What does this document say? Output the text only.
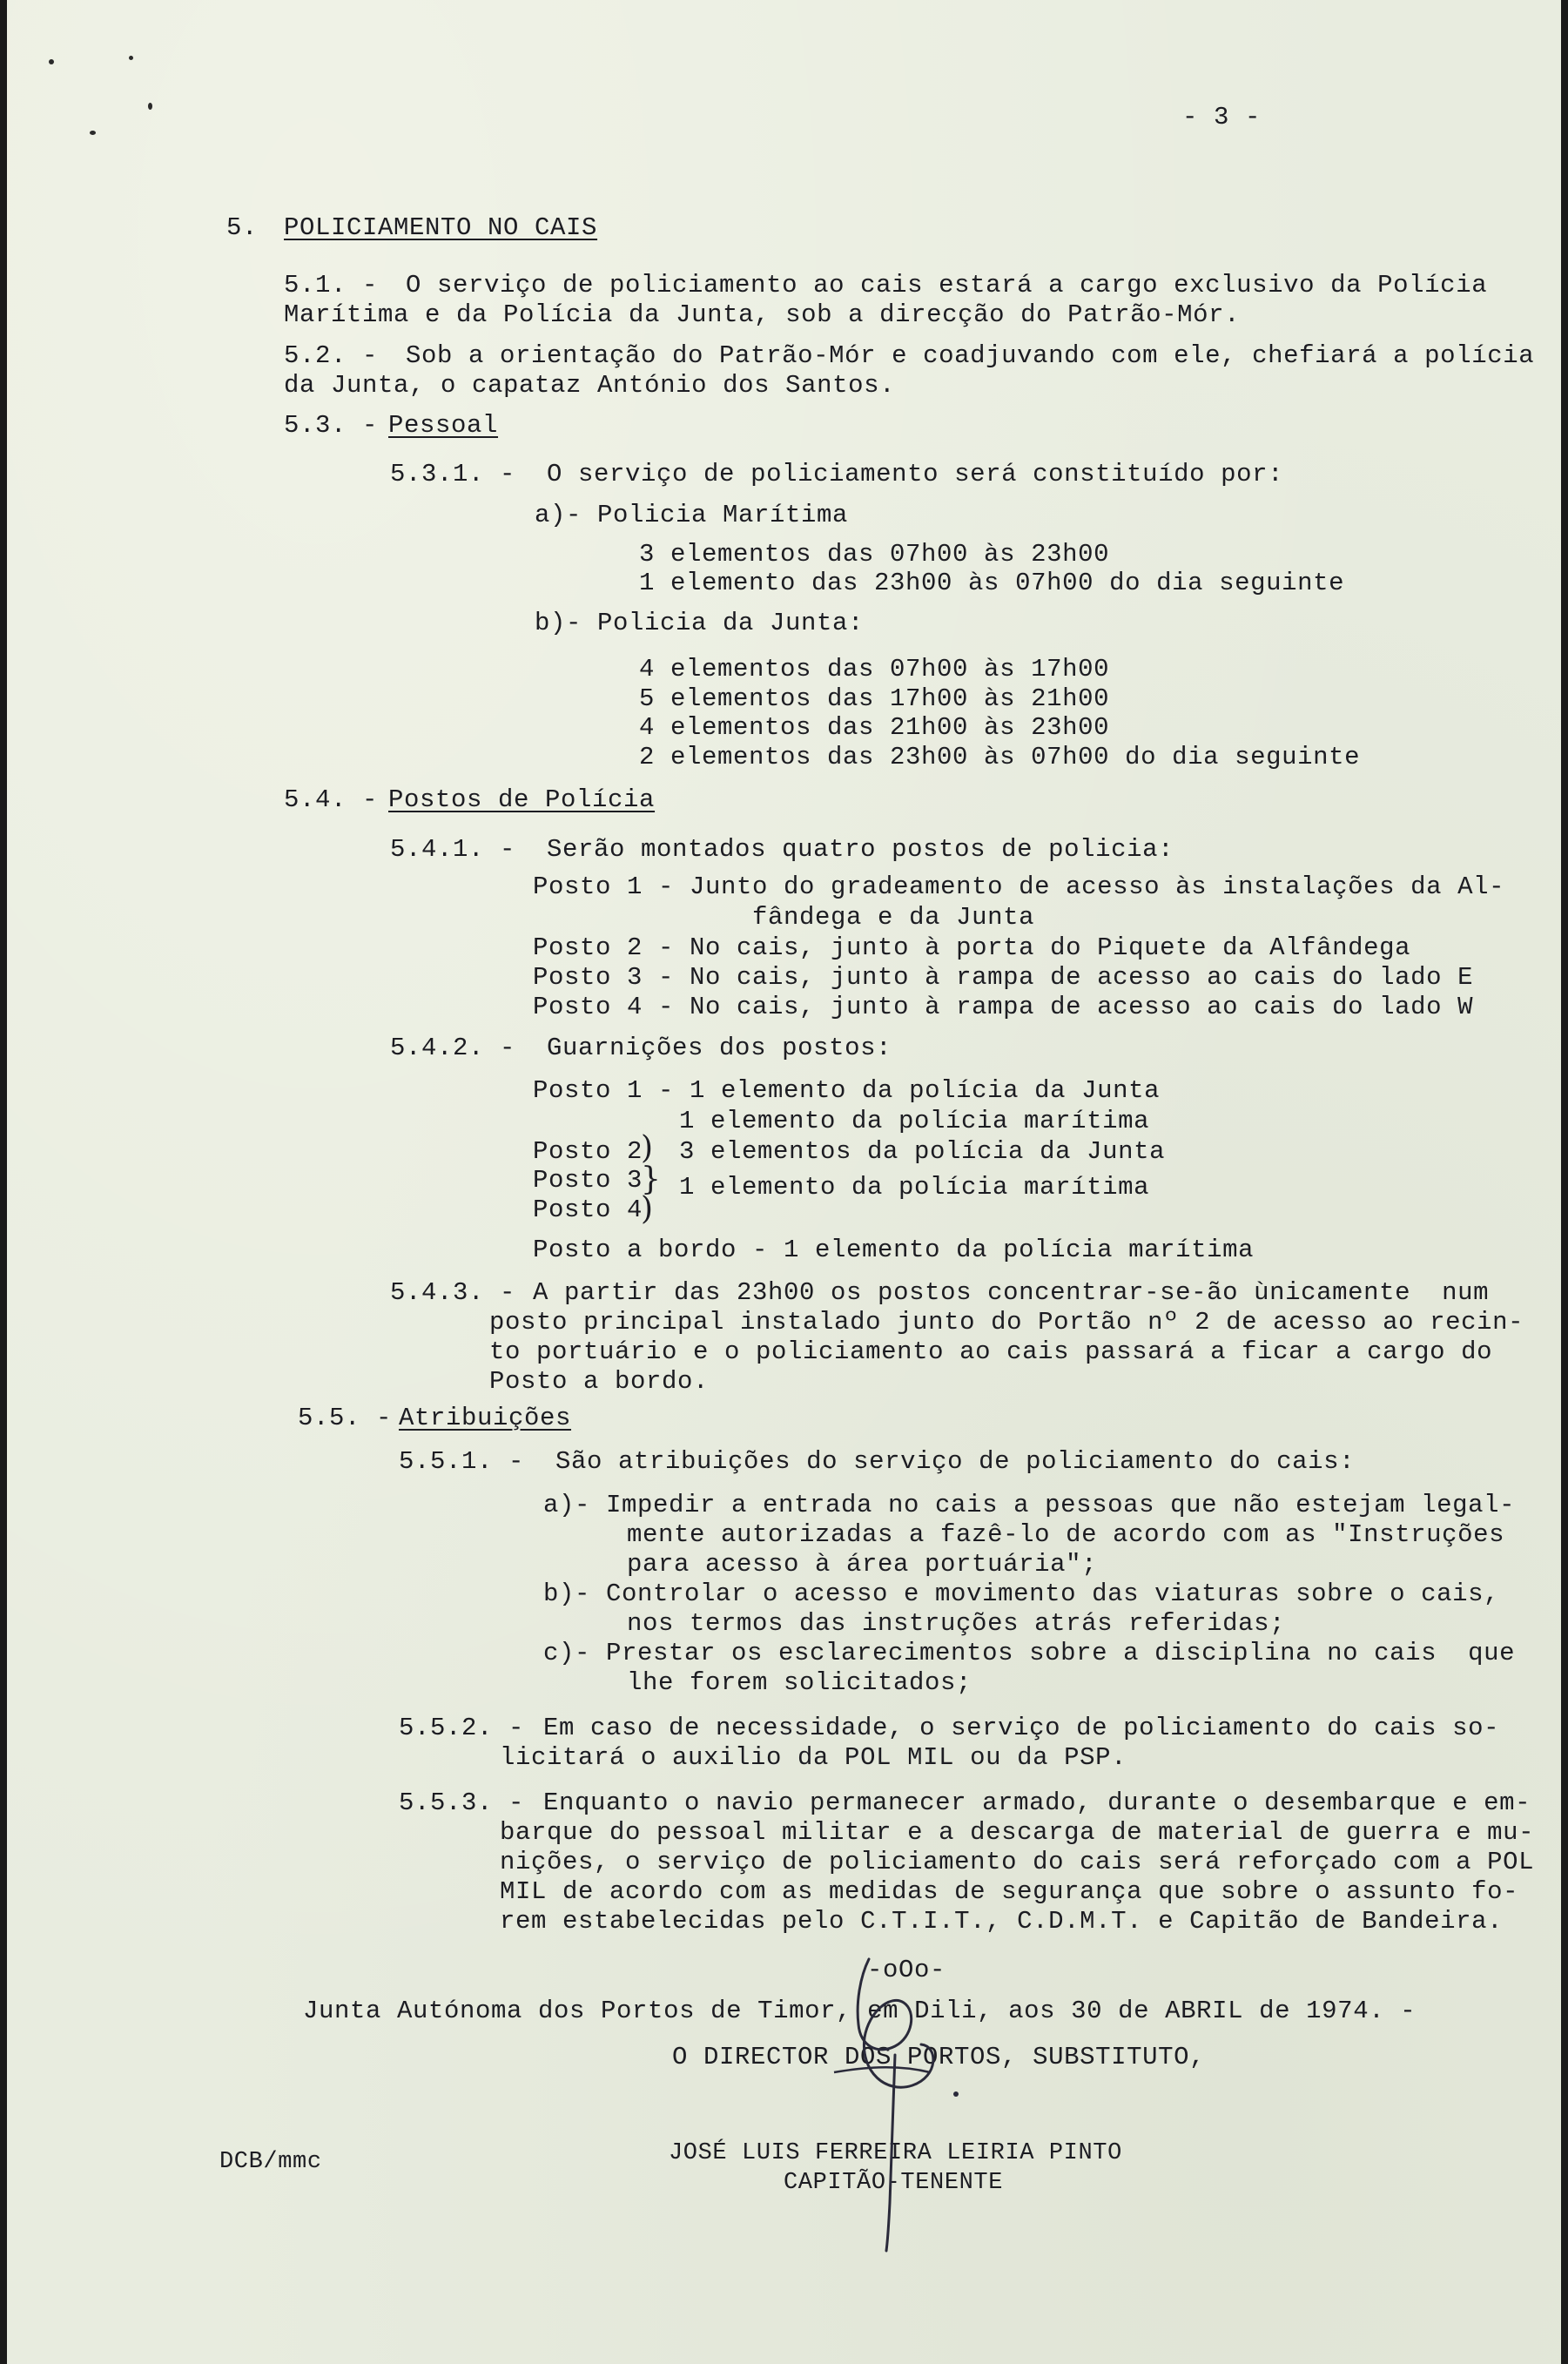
- 3 -
5. POLICIAMENTO NO CAIS
5.1. - O serviço de policiamento ao cais estará a cargo exclusivo da Polícia
Marítima e da Polícia da Junta, sob a direcção do Patrão-Mór.
5.2. - Sob a orientação do Patrão-Mór e coadjuvando com ele, chefiará a polícia
da Junta, o capataz António dos Santos.
5.3. - Pessoal
5.3.1. -  O serviço de policiamento será constituído por:
a)- Policia Marítima
3 elementos das 07h00 às 23h00
1 elemento das 23h00 às 07h00 do dia seguinte
b)- Policia da Junta:
4 elementos das 07h00 às 17h00
5 elementos das 17h00 às 21h00
4 elementos das 21h00 às 23h00
2 elementos das 23h00 às 07h00 do dia seguinte
5.4. - Postos de Polícia
5.4.1. -  Serão montados quatro postos de policia:
Posto 1 - Junto do gradeamento de acesso às instalações da Al-
fândega e da Junta
Posto 2 - No cais, junto à porta do Piquete da Alfândega
Posto 3 - No cais, junto à rampa de acesso ao cais do lado E
Posto 4 - No cais, junto à rampa de acesso ao cais do lado W
5.4.2. -  Guarnições dos postos:
Posto 1 - 1 elemento da polícia da Junta
1 elemento da polícia marítima
Posto 2
Posto 3
Posto 4
)
}
)
3 elementos da polícia da Junta
1 elemento da polícia marítima
Posto a bordo - 1 elemento da polícia marítima
5.4.3. - A partir das 23h00 os postos concentrar-se-ão ùnicamente  num
posto principal instalado junto do Portão nº 2 de acesso ao recin-
to portuário e o policiamento ao cais passará a ficar a cargo do
Posto a bordo.
5.5. - Atribuições
5.5.1. -  São atribuições do serviço de policiamento do cais:
a)- Impedir a entrada no cais a pessoas que não estejam legal-
mente autorizadas a fazê-lo de acordo com as "Instruções
para acesso à área portuária";
b)- Controlar o acesso e movimento das viaturas sobre o cais,
nos termos das instruções atrás referidas;
c)- Prestar os esclarecimentos sobre a disciplina no cais  que
lhe forem solicitados;
5.5.2. - Em caso de necessidade, o serviço de policiamento do cais so-
licitará o auxilio da POL MIL ou da PSP.
5.5.3. - Enquanto o navio permanecer armado, durante o desembarque e em-
barque do pessoal militar e a descarga de material de guerra e mu-
nições, o serviço de policiamento do cais será reforçado com a POL
MIL de acordo com as medidas de segurança que sobre o assunto fo-
rem estabelecidas pelo C.T.I.T., C.D.M.T. e Capitão de Bandeira.
-oOo-
Junta Autónoma dos Portos de Timor, em Dili, aos 30 de ABRIL de 1974. -
O DIRECTOR DOS PORTOS, SUBSTITUTO,
JOSÉ LUIS FERREIRA LEIRIA PINTO
CAPITÃO-TENENTE
DCB/mmc
